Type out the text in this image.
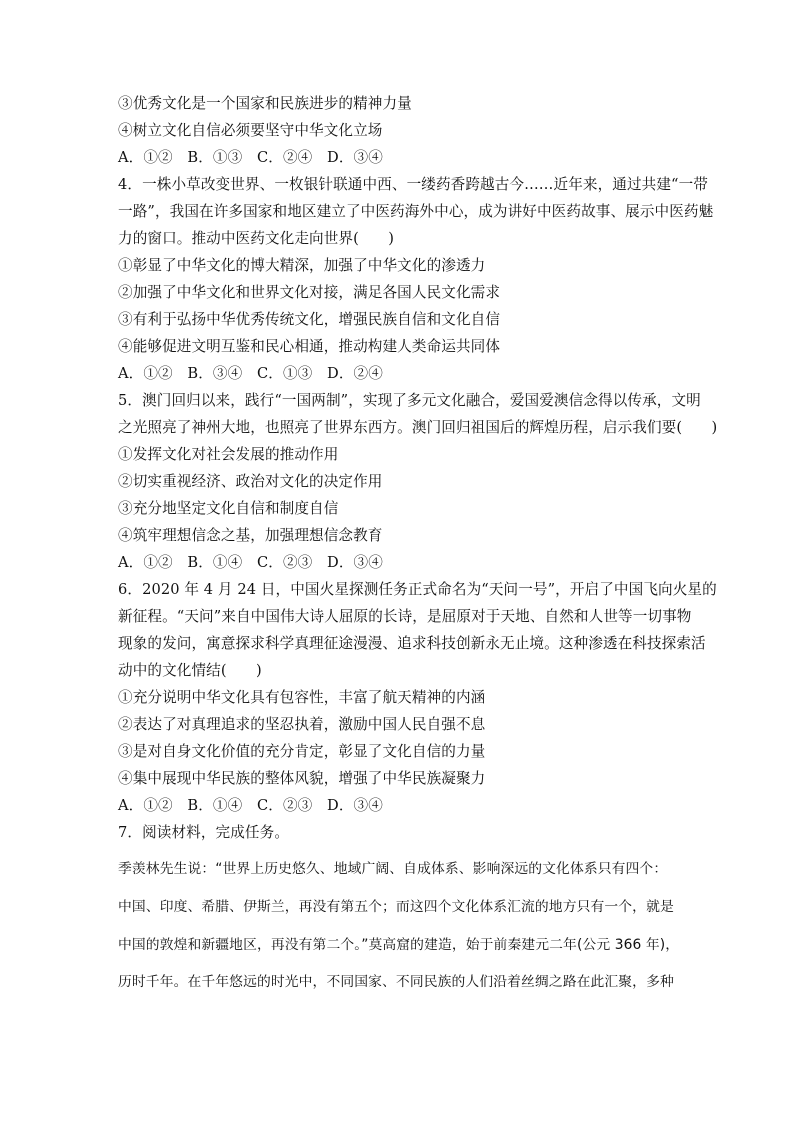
③优秀文化是一个国家和民族进步的精神力量
④树立文化自信必须要坚守中华文化立场
A．①②　B．①③　C．②④　D．③④
4．一株小草改变世界、一枚银针联通中西、一缕药香跨越古今……近年来，通过共建“一带
一路”，我国在许多国家和地区建立了中医药海外中心，成为讲好中医药故事、展示中医药魅
力的窗口。推动中医药文化走向世界(　　)
①彰显了中华文化的博大精深，加强了中华文化的渗透力
②加强了中华文化和世界文化对接，满足各国人民文化需求
③有利于弘扬中华优秀传统文化，增强民族自信和文化自信
④能够促进文明互鉴和民心相通，推动构建人类命运共同体
A．①②　B．③④　C．①③　D．②④
5．澳门回归以来，践行“一国两制”，实现了多元文化融合，爱国爱澳信念得以传承，文明
之光照亮了神州大地，也照亮了世界东西方。澳门回归祖国后的辉煌历程，启示我们要(　　)
①发挥文化对社会发展的推动作用
②切实重视经济、政治对文化的决定作用
③充分地坚定文化自信和制度自信
④筑牢理想信念之基，加强理想信念教育
A．①②　B．①④　C．②③　D．③④
6．2020 年 4 月 24 日，中国火星探测任务正式命名为“天问一号”，开启了中国飞向火星的
新征程。“天问”来自中国伟大诗人屈原的长诗，是屈原对于天地、自然和人世等一切事物
现象的发问，寓意探求科学真理征途漫漫、追求科技创新永无止境。这种渗透在科技探索活
动中的文化情结(　　)
①充分说明中华文化具有包容性，丰富了航天精神的内涵
②表达了对真理追求的坚忍执着，激励中国人民自强不息
③是对自身文化价值的充分肯定，彰显了文化自信的力量
④集中展现中华民族的整体风貌，增强了中华民族凝聚力
A．①②　B．①④　C．②③　D．③④
7．阅读材料，完成任务。
季羡林先生说：“世界上历史悠久、地域广阔、自成体系、影响深远的文化体系只有四个：
中国、印度、希腊、伊斯兰，再没有第五个；而这四个文化体系汇流的地方只有一个，就是
中国的敦煌和新疆地区，再没有第二个。”莫高窟的建造，始于前秦建元二年(公元 366 年)，
历时千年。在千年悠远的时光中，不同国家、不同民族的人们沿着丝绸之路在此汇聚，多种
